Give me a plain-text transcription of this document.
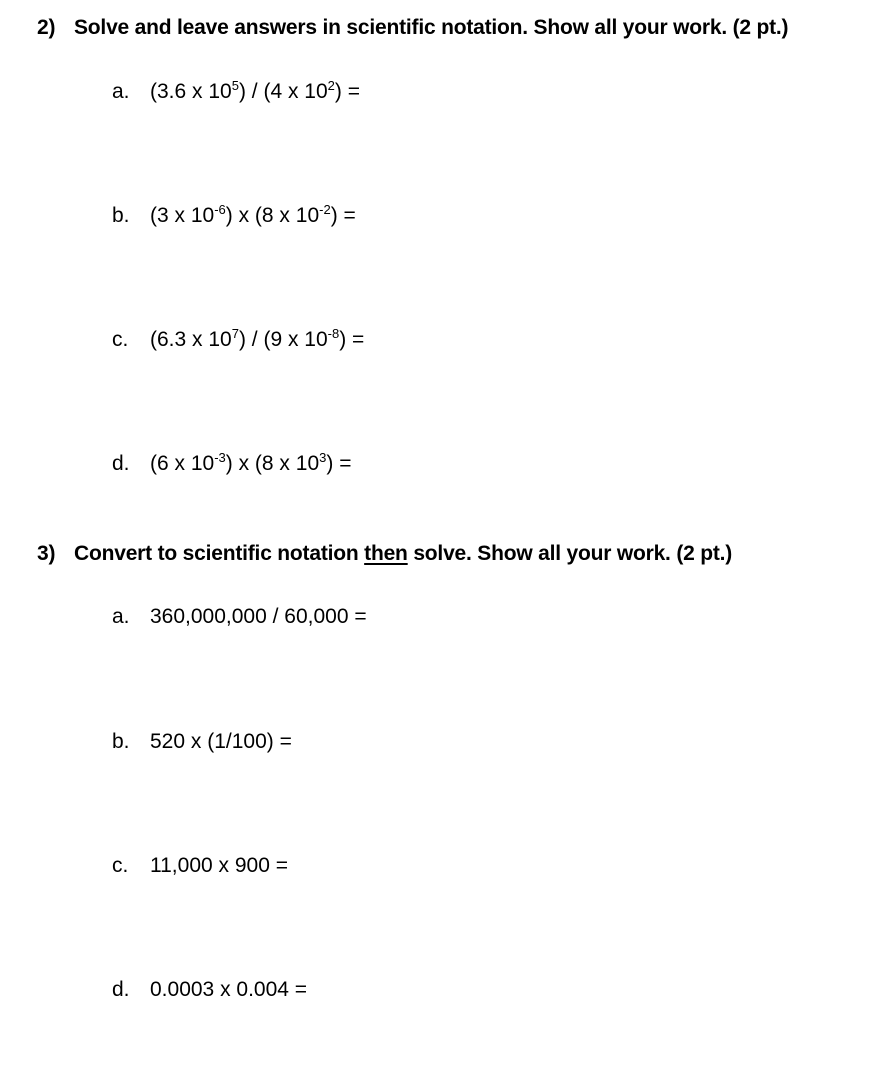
2) Solve and leave answers in scientific notation. Show all your work. (2 pt.)
a. (3.6 x $10^5) / (4$ x $10^2$) =
b. (3 x $10^{-6}$) x (8 x $10^{-2}$) =
c. (6.3 x $10^7) / (9$ x $10^{-8}$) =
d. (6 x $10^{-3}$) x (8 x $10^3$) =
3) Convert to scientific notation then solve. Show all your work. (2 pt.)
a. 360,000,000 / 60,000 =
b. 520 x (1/100) =
c. 11,000 x 900 =
d. 0.0003 x 0.004 =
